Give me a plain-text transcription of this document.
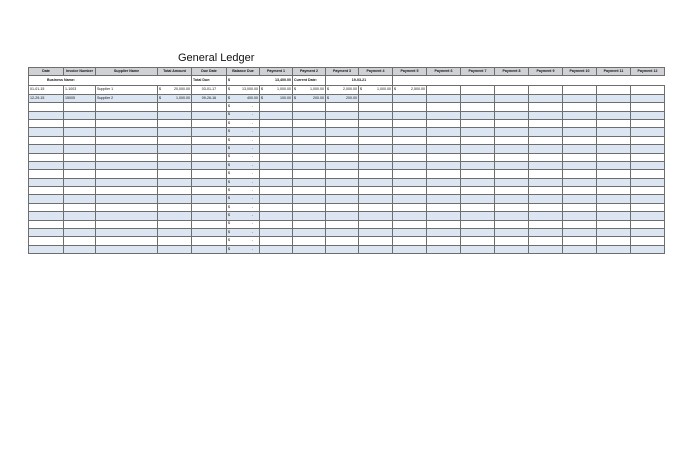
General Ledger
Business Name:				Total Due:	$ 13,400.00		Current Date:	19-03-21									
Date	Invoice Number	Supplier Name	Total Amount	Due Date	Balance Due	Payment 1	Payment 2	Payment 3	Payment 4	Payment 5	Payment 6	Payment 7	Payment 8	Payment 9	Payment 10	Payment 11	Payment 12
01-01-15	1-1003	Supplier 1	$ 20,000.00	03-01-17	$ 13,000.00	$ 1,000.00	$ 1,000.00	$ 2,000.00	$ 1,000.00	$ 2,500.00							
12-29-15	15005	Supplier 2	$ 1,000.00	09-26-16	$ 400.00	$ 100.00	$ 200.00	$ 200.00									

					$ -												

					$ -												

					$ -												

					$ -												

					$ -												

					$ -												

					$ -												

					$ -												

					$ -												

					$ -												

					$ -												

					$ -												

					$ -												

					$ -												

					$ -												

					$ -												

					$ -												

					$ -												
